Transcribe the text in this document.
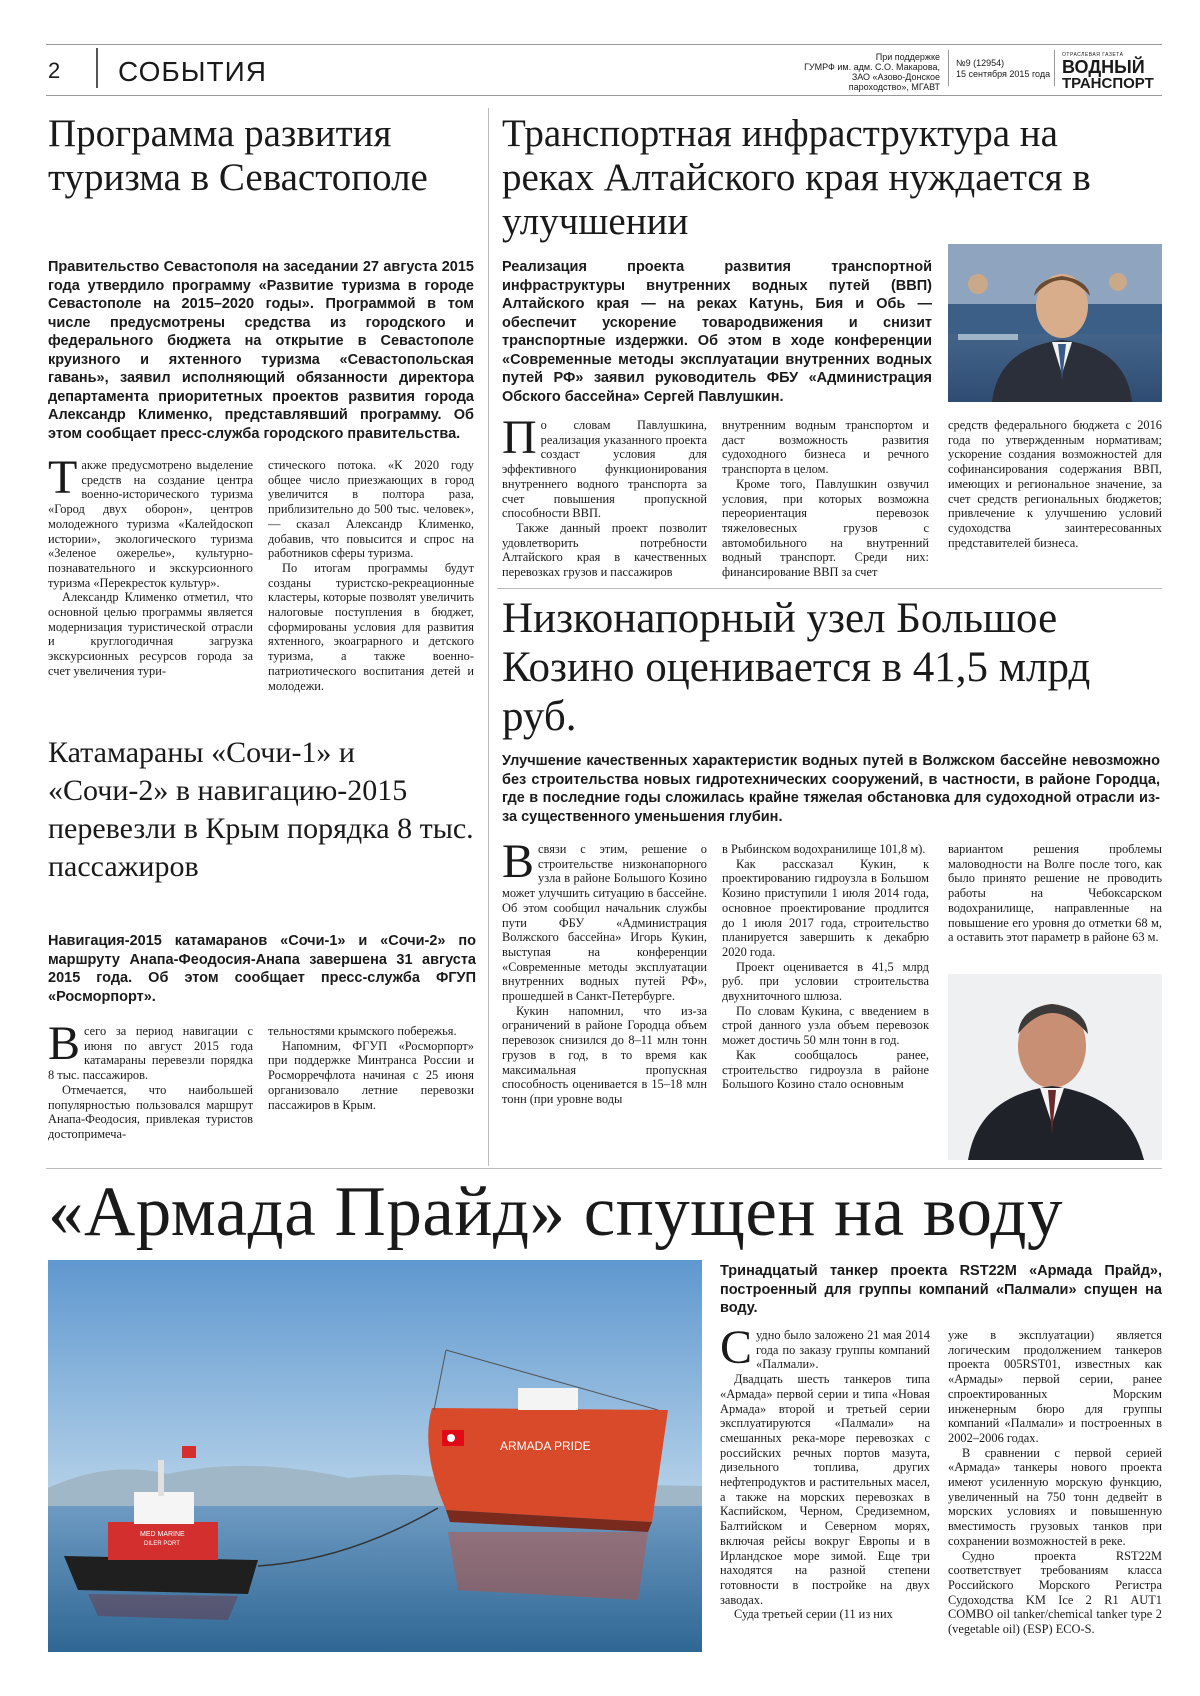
2 СОБЫТИЯ	При поддержке
ГУМРФ им. адм. С.О. Макарова,
ЗАО «Азово-Донское
пароходство», МГАВТ
№9 (12954)
15 сентября 2015 года
ОТРАСЛЕВАЯ ГАЗЕТА
ВОДНЫЙ
ТРАНСПОРТ
Программа развития туризма в Севастополе
Правительство Севастополя на заседании 27 августа 2015 года утвердило программу «Развитие туризма в городе Севастополе на 2015–2020 годы». Программой в том числе предусмотрены средства из городского и федерального бюджета на открытие в Севастополе круизного и яхтенного туризма «Севастопольская гавань», заявил исполняющий обязанности директора департамента приоритетных проектов развития города Александр Клименко, представлявший программу. Об этом сообщает пресс-служба городского правительства.

Также предусмотрено выделение средств на создание центра военно-исторического туризма «Город двух оборон», центров молодежного туризма «Калейдоскоп истории», экологического туризма «Зеленое ожерелье», культурно-познавательного и экскурсионного туризма «Перекресток культур».

Александр Клименко отметил, что основной целью программы является модернизация туристической отрасли и круглогодичная загрузка экскурсионных ресурсов города за счет увеличения тури-

стического потока. «К 2020 году общее число приезжающих в город увеличится в полтора раза, приблизительно до 500 тыс. человек», — сказал Александр Клименко, добавив, что повысится и спрос на работников сферы туризма.

По итогам программы будут созданы туристско-рекреационные кластеры, которые позволят увеличить налоговые поступления в бюджет, сформированы условия для развития яхтенного, экоаграрного и детского туризма, а также военно-патриотического воспитания детей и молодежи.

Транспортная инфраструктура на реках Алтайского края нуждается в улучшении
Реализация проекта развития транспортной инфраструктуры внутренних водных путей (ВВП) Алтайского края — на реках Катунь, Бия и Обь — обеспечит ускорение товародвижения и снизит транспортные издержки. Об этом в ходе конференции «Современные методы эксплуатации внутренних водных путей РФ» заявил руководитель ФБУ «Администрация Обского бассейна» Сергей Павлушкин.

По словам Павлушкина, реализация указанного проекта создаст условия для эффективного функционирования внутреннего водного транспорта за счет повышения пропускной способности ВВП.

Также данный проект позволит удовлетворить потребности Алтайского края в качественных перевозках грузов и пассажиров

внутренним водным транспортом и даст возможность развития судоходного бизнеса и речного транспорта в целом.

Кроме того, Павлушкин озвучил условия, при которых возможна переориентация перевозок тяжеловесных грузов с автомобильного на внутренний водный транспорт. Среди них: финансирование ВВП за счет

средств федерального бюджета с 2016 года по утвержденным нормативам; ускорение создания возможностей для софинансирования содержания ВВП, имеющих и региональное значение, за счет средств региональных бюджетов; привлечение к улучшению условий судоходства заинтересованных представителей бизнеса.

Катамараны «Сочи-1» и «Сочи-2» в навигацию-2015 перевезли в Крым порядка 8 тыс. пассажиров
Навигация-2015 катамаранов «Сочи-1» и «Сочи-2» по маршруту Анапа-Феодосия-Анапа завершена 31 августа 2015 года. Об этом сообщает пресс-служба ФГУП «Росморпорт».

Всего за период навигации с июня по август 2015 года катамараны перевезли порядка 8 тыс. пассажиров.

Отмечается, что наибольшей популярностью пользовался маршрут Анапа-Феодосия, привлекая туристов достопримеча-

тельностями крымского побережья.

Напомним, ФГУП «Росморпорт» при поддержке Минтранса России и Росморречфлота начиная с 25 июня организовало летние перевозки пассажиров в Крым.

Низконапорный узел Большое Козино оценивается в 41,5 млрд руб.
Улучшение качественных характеристик водных путей в Волжском бассейне невозможно без строительства новых гидротехнических сооружений, в частности, в районе Городца, где в последние годы сложилась крайне тяжелая обстановка для судоходной отрасли из-за существенного уменьшения глубин.

Всвязи с этим, решение о строительстве низконапорного узла в районе Большого Козино может улучшить ситуацию в бассейне. Об этом сообщил начальник службы пути ФБУ «Администрация Волжского бассейна» Игорь Кукин, выступая на конференции «Современные методы эксплуатации внутренних водных путей РФ», прошедшей в Санкт-Петербурге.

Кукин напомнил, что из-за ограничений в районе Городца объем перевозок снизился до 8–11 млн тонн грузов в год, в то время как максимальная пропускная способность оценивается в 15–18 млн тонн (при уровне воды

в Рыбинском водохранилище 101,8 м).

Как рассказал Кукин, к проектированию гидроузла в Большом Козино приступили 1 июля 2014 года, основное проектирование продлится до 1 июля 2017 года, строительство планируется завершить к декабрю 2020 года.

Проект оценивается в 41,5 млрд руб. при условии строительства двухниточного шлюза.

По словам Кукина, с введением в строй данного узла объем перевозок может достичь 50 млн тонн в год.

Как сообщалось ранее, строительство гидроузла в районе Большого Козино стало основным

вариантом решения проблемы маловодности на Волге после того, как было принято решение не проводить работы на Чебоксарском водохранилище, направленные на повышение его уровня до отметки 68 м, а оставить этот параметр в районе 63 м.

«Армада Прайд» спущен на воду
ARMADA PRIDE
MED MARINE
DILER PORT
Тринадцатый танкер проекта RST22M «Армада Прайд», построенный для группы компаний «Палмали» спущен на воду.

Судно было заложено 21 мая 2014 года по заказу группы компаний «Палмали».

Двадцать шесть танкеров типа «Армада» первой серии и типа «Новая Армада» второй и третьей серии эксплуатируются «Палмали» на смешанных река-море перевозках с российских речных портов мазута, дизельного топлива, других нефтепродуктов и растительных масел, а также на морских перевозках в Каспийском, Черном, Средиземном, Балтийском и Северном морях, включая рейсы вокруг Европы и в Ирландское море зимой. Еще три находятся на разной степени готовности в постройке на двух заводах.

Суда третьей серии (11 из них

уже в эксплуатации) является логическим продолжением танкеров проекта 005RST01, известных как «Армады» первой серии, ранее спроектированных Морским инженерным бюро для группы компаний «Палмали» и построенных в 2002–2006 годах.

В сравнении с первой серией «Армада» танкеры нового проекта имеют усиленную морскую функцию, увеличенный на 750 тонн дедвейт в морских условиях и повышенную вместимость грузовых танков при сохранении возможностей в реке.

Судно проекта RST22M соответствует требованиям класса Российского Морского Регистра Судоходства KM Ice 2 R1 AUT1 COMBO oil tanker/chemical tanker type 2 (vegetable oil) (ESP) ECO-S.
